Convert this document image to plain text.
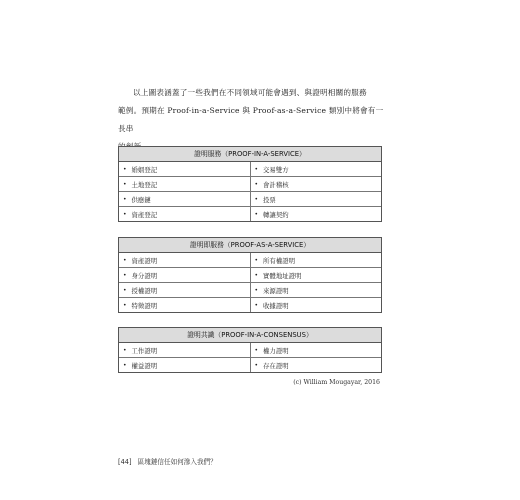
以上圖表涵蓋了一些我們在不同領域可能會遇到、與證明相關的服務

範例。預期在 Proof-in-a-Service 與 Proof-as-a-Service 類別中將會有一長串

證明服務（PROOF-IN-A-SERVICE）
• 婚姻登記	• 交易雙方
• 土地登記	• 會計稽核
• 供應鏈	• 投票
• 資產登記	• 轉讓契約
證明即服務（PROOF-AS-A-SERVICE）
• 資產證明	• 所有權證明
• 身分證明	• 實體地址證明
• 授權證明	• 來源證明
• 特徵證明	• 收據證明
證明共識（PROOF-IN-A-CONSENSUS）
• 工作證明	• 權力證明
• 權益證明	• 存在證明
(c) William Mougayar, 2016
[44] 區塊鏈信任如何滲入我們？
